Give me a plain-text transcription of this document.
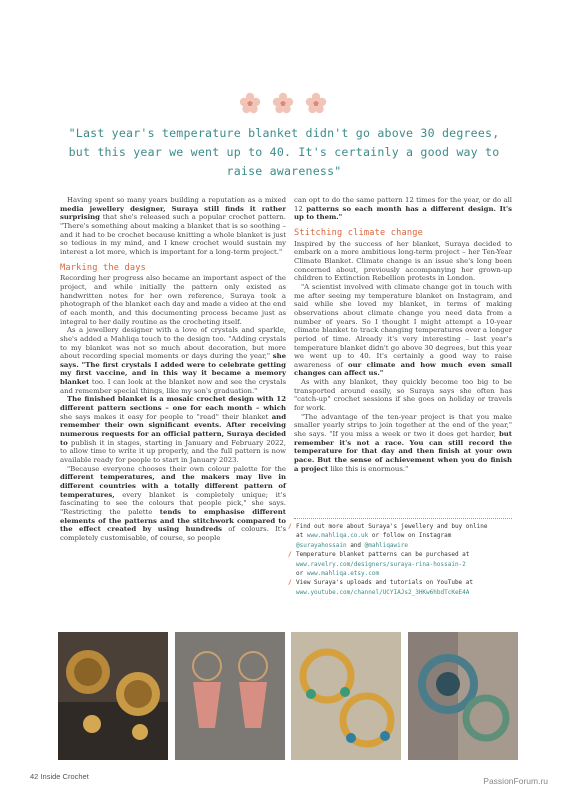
"Last year's temperature blanket didn't go above 30 degrees, but this year we went up to 40. It's certainly a good way to raise awareness"

Having spent so many years building a reputation as a mixed media jewellery designer, Suraya still finds it rather surprising that she's released such a popular crochet pattern. "There's something about making a blanket that is so soothing – and it had to be crochet because knitting a whole blanket is just so tedious in my mind, and I knew crochet would sustain my interest a lot more, which is important for a long-term project."

Marking the days

Recording her progress also became an important aspect of the project, and while initially the pattern only existed as handwritten notes for her own reference, Suraya took a photograph of the blanket each day and made a video at the end of each month, and this documenting process became just as integral to her daily routine as the crocheting itself.

As a jewellery designer with a love of crystals and sparkle, she's added a Mahliqa touch to the design too. "Adding crystals to my blanket was not so much about decoration, but more about recording special moments or days during the year," she says. "The first crystals I added were to celebrate getting my first vaccine, and in this way it became a memory blanket too. I can look at the blanket now and see the crystals and remember special things, like my son's graduation."

The finished blanket is a mosaic crochet design with 12 different pattern sections – one for each month – which she says makes it easy for people to "read" their blanket and remember their own significant events. After receiving numerous requests for an official pattern, Suraya decided to publish it in stages, starting in January and February 2022, to allow time to write it up properly, and the full pattern is now available ready for people to start in January 2023.

"Because everyone chooses their own colour palette for the different temperatures, and the makers may live in different countries with a totally different pattern of temperatures, every blanket is completely unique; it's fascinating to see the colours that people pick," she says. "Restricting the palette tends to emphasise different elements of the patterns and the stitchwork compared to the effect created by using hundreds of colours. It's completely customisable, of course, so people

can opt to do the same pattern 12 times for the year, or do all 12 patterns so each month has a different design. It's up to them."

Stitching climate change

Inspired by the success of her blanket, Suraya decided to embark on a more ambitious long-term project – her Ten-Year Climate Blanket. Climate change is an issue she's long been concerned about, previously accompanying her grown-up children to Extinction Rebellion protests in London.

"A scientist involved with climate change got in touch with me after seeing my temperature blanket on Instagram, and said while she loved my blanket, in terms of making observations about climate change you need data from a number of years. So I thought I might attempt a 10-year climate blanket to track changing temperatures over a longer period of time. Already it's very interesting – last year's temperature blanket didn't go above 30 degrees, but this year we went up to 40. It's certainly a good way to raise awareness of our climate and how much even small changes can affect us."

As with any blanket, they quickly become too big to be transported around easily, so Suraya says she often has "catch-up" crochet sessions if she goes on holiday or travels for work.

"The advantage of the ten-year project is that you make smaller yearly strips to join together at the end of the year," she says. "If you miss a week or two it does get harder, but remember it's not a race. You can still record the temperature for that day and then finish at your own pace. But the sense of achievement when you do finish a project like this is enormous."

/ Find out more about Suraya's jewellery and buy online
at www.mahliqa.co.uk or follow on Instagram
@surayahossain and @mahliqawire
/ Temperature blanket patterns can be purchased at
www.ravelry.com/designers/suraya-rina-hossain-2
or www.mahliqa.etsy.com
/ View Suraya's uploads and tutorials on YouTube at
www.youtube.com/channel/UCYIAJs2_3HKw6hbdTcKeE4A
42 Inside Crochet	PassionForum.ru
